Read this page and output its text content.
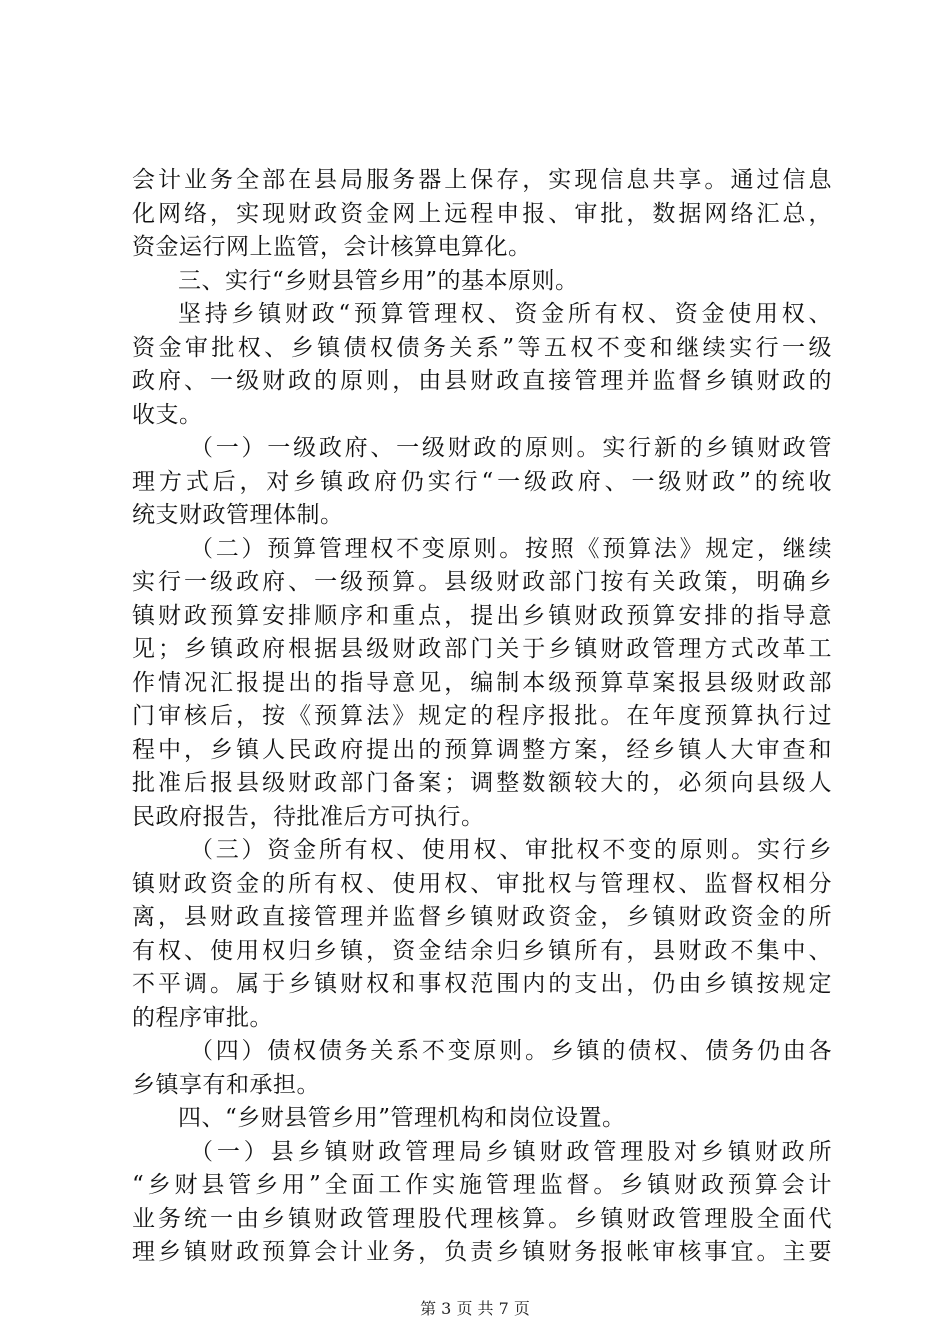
会计业务全部在县局服务器上保存，实现信息共享。通过信息
化网络，实现财政资金网上远程申报、审批，数据网络汇总，
资金运行网上监管，会计核算电算化。
三、实行“乡财县管乡用”的基本原则。
坚持乡镇财政“预算管理权、资金所有权、资金使用权、
资金审批权、乡镇债权债务关系”等五权不变和继续实行一级
政府、一级财政的原则，由县财政直接管理并监督乡镇财政的
收支。
（一）一级政府、一级财政的原则。实行新的乡镇财政管
理方式后，对乡镇政府仍实行“一级政府、一级财政”的统收
统支财政管理体制。
（二）预算管理权不变原则。按照《预算法》规定，继续
实行一级政府、一级预算。县级财政部门按有关政策，明确乡
镇财政预算安排顺序和重点，提出乡镇财政预算安排的指导意
见；乡镇政府根据县级财政部门关于乡镇财政管理方式改革工
作情况汇报提出的指导意见，编制本级预算草案报县级财政部
门审核后，按《预算法》规定的程序报批。在年度预算执行过
程中，乡镇人民政府提出的预算调整方案，经乡镇人大审查和
批准后报县级财政部门备案；调整数额较大的，必须向县级人
民政府报告，待批准后方可执行。
（三）资金所有权、使用权、审批权不变的原则。实行乡
镇财政资金的所有权、使用权、审批权与管理权、监督权相分
离，县财政直接管理并监督乡镇财政资金，乡镇财政资金的所
有权、使用权归乡镇，资金结余归乡镇所有，县财政不集中、
不平调。属于乡镇财权和事权范围内的支出，仍由乡镇按规定
的程序审批。
（四）债权债务关系不变原则。乡镇的债权、债务仍由各
乡镇享有和承担。
四、“乡财县管乡用”管理机构和岗位设置。
（一）县乡镇财政管理局乡镇财政管理股对乡镇财政所
“乡财县管乡用”全面工作实施管理监督。乡镇财政预算会计
业务统一由乡镇财政管理股代理核算。乡镇财政管理股全面代
理乡镇财政预算会计业务，负责乡镇财务报帐审核事宜。主要
第 3 页 共 7 页
